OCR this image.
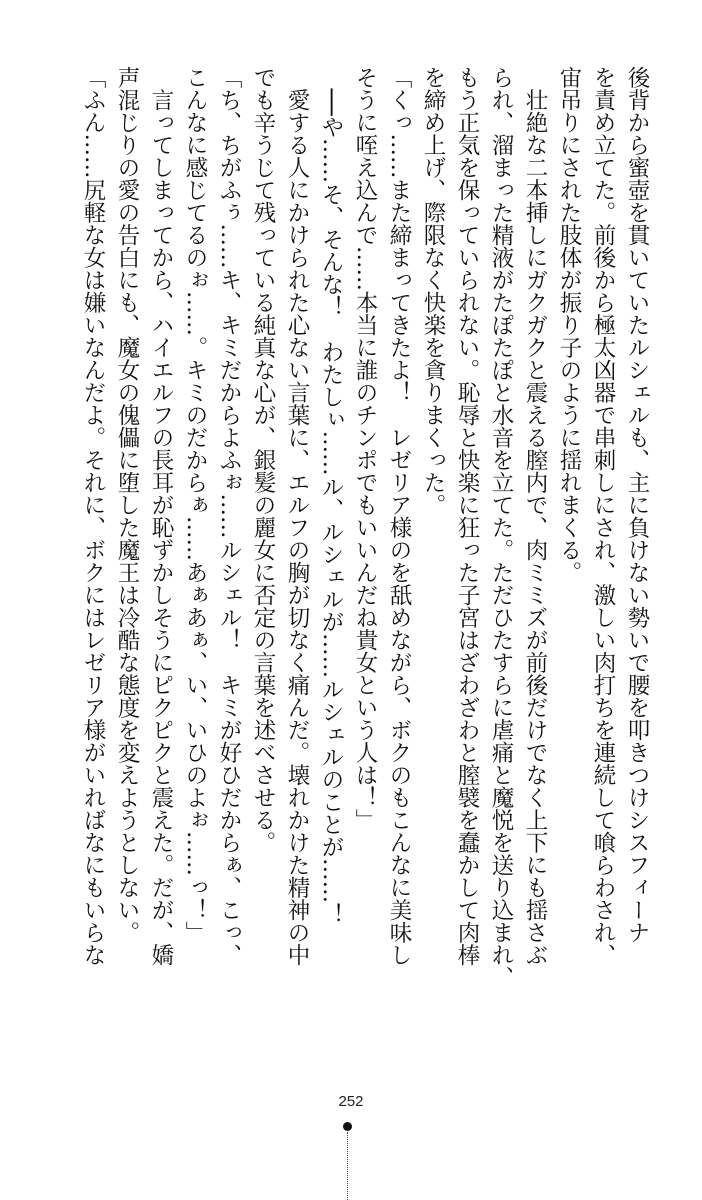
後背から蜜壺を貫いていたルシェルも、主に負けない勢いで腰を叩きつけシスフィーナ
を責め立てた。前後から極太凶器で串刺しにされ、激しい肉打ちを連続して喰らわされ、
宙吊りにされた肢体が振り子のように揺れまくる。
　壮絶な二本挿しにガクガクと震える膣内で、肉ミミズが前後だけでなく上下にも揺さぶ
られ、溜まった精液がたぽたぽと水音を立てた。ただひたすらに虐痛と魔悦を送り込まれ、
もう正気を保っていられない。恥辱と快楽に狂った子宮はざわざわと膣襞を蠢かして肉棒
を締め上げ、際限なく快楽を貪りまくった。
「くっ……また締まってきたよ！　レゼリア様のを舐めながら、ボクのもこんなに美味し
そうに咥え込んで……本当に誰のチンポでもいいんだね貴女という人は！」
　──や……そ、そんな！　わたしぃ……ル、ルシェルが……ルシェルのことが……！
　愛する人にかけられた心ない言葉に、エルフの胸が切なく痛んだ。壊れかけた精神の中
でも辛うじて残っている純真な心が、銀髪の麗女に否定の言葉を述べさせる。
「ち、ちがふぅ……キ、キミだからよふぉ……ルシェル！　キミが好ひだからぁ、こっ、
こんなに感じてるのぉ……。キミのだからぁ……あぁあぁ、い、いひのよぉ……っ！」
　言ってしまってから、ハイエルフの長耳が恥ずかしそうにピクピクと震えた。だが、嬌
声混じりの愛の告白にも、魔女の傀儡に堕した魔王は冷酷な態度を変えようとしない。
「ふん……尻軽な女は嫌いなんだよ。それに、ボクにはレゼリア様がいればなにもいらな
252
